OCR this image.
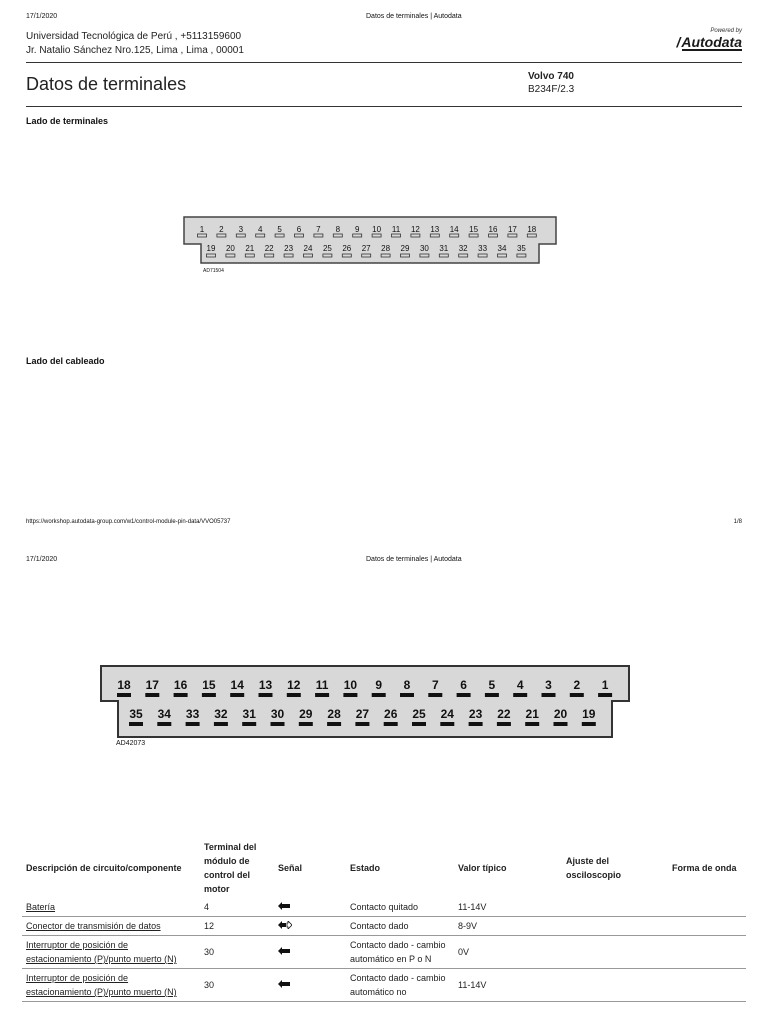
17/1/2020	Datos de terminales | Autodata
Universidad Tecnológica de Perú , +5113159600
Jr. Natalio Sánchez Nro.125, Lima , Lima , 00001
Powered by
/ Autodata
Datos de terminales	Volvo 740
B234F/2.3
Lado de terminales
1 2 3 4 5 6 7 8 9 10 11 12 13 14 15 16 17 18
19 20 21 22 23 24 25 26 27 28 29 30 31 32 33 34 35
AD71504
Lado del cableado
https://workshop.autodata-group.com/w1/control-module-pin-data/VVO05737	1/8
17/1/2020	Datos de terminales | Autodata
18 17 16 15 14 13 12 11 10 9 8 7 6 5 4 3 2 1
35 34 33 32 31 30 29 28 27 26 25 24 23 22 21 20 19
AD42073
Descripción de circuito/componente	Terminal del módulo de control del motor	Señal	Estado	Valor típico	Ajuste del osciloscopio	Forma de onda
Batería	4		Contacto quitado	11-14V		
Conector de transmisión de datos	12		Contacto dado	8-9V		
Interruptor de posición de estacionamiento (P)/punto muerto (N)	30		Contacto dado - cambio automático en P o N	0V		
Interruptor de posición de estacionamiento (P)/punto muerto (N)	30		Contacto dado - cambio automático no	11-14V		
